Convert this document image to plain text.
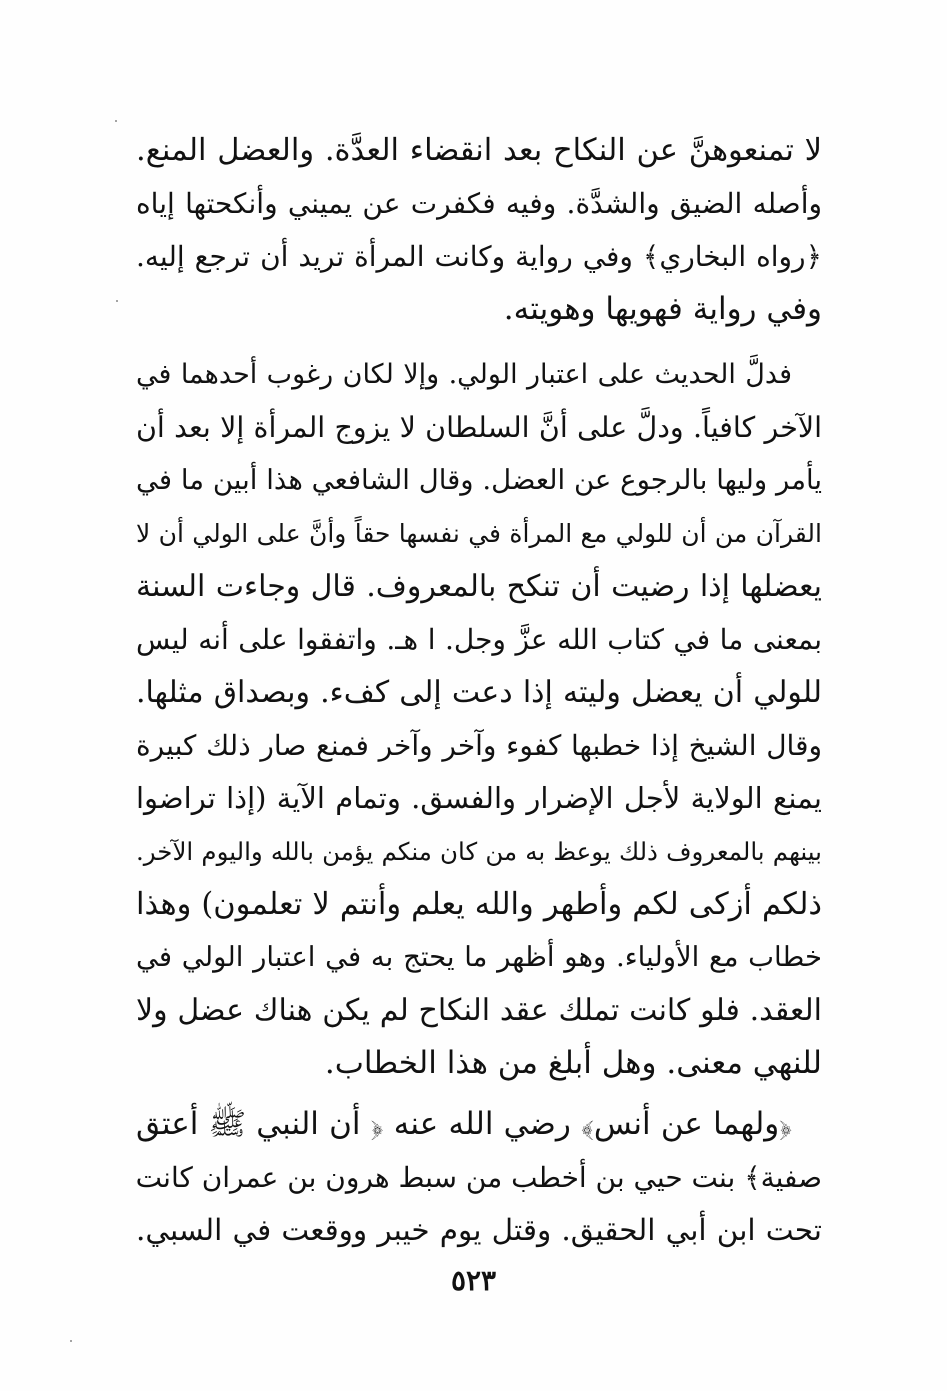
لا تمنعوهنَّ عن النكاح بعد انقضاء العدَّة. والعضل المنع.
وأصله الضيق والشدَّة. وفيه فكفرت عن يميني وأنكحتها إياه
﴿رواه البخاري﴾ وفي رواية وكانت المرأة تريد أن ترجع إليه.
وفي رواية فهويها وهويته.
فدلَّ الحديث على اعتبار الولي. وإلا لكان رغوب أحدهما في
الآخر كافياً. ودلَّ على أنَّ السلطان لا يزوج المرأة إلا بعد أن
يأمر وليها بالرجوع عن العضل. وقال الشافعي هذا أبين ما في
القرآن من أن للولي مع المرأة في نفسها حقاً وأنَّ على الولي أن لا
يعضلها إذا رضيت أن تنكح بالمعروف. قال وجاءت السنة
بمعنى ما في كتاب الله عزَّ وجل. ا هـ. واتفقوا على أنه ليس
للولي أن يعضل وليته إذا دعت إلى كفء. وبصداق مثلها.
وقال الشيخ إذا خطبها كفوء وآخر وآخر فمنع صار ذلك كبيرة
يمنع الولاية لأجل الإضرار والفسق. وتمام الآية (إذا تراضوا
بينهم بالمعروف ذلك يوعظ به من كان منكم يؤمن بالله واليوم الآخر.
ذلكم أزكى لكم وأطهر والله يعلم وأنتم لا تعلمون) وهذا
خطاب مع الأولياء. وهو أظهر ما يحتج به في اعتبار الولي في
العقد. فلو كانت تملك عقد النكاح لم يكن هناك عضل ولا
للنهي معنى. وهل أبلغ من هذا الخطاب.
﴿ولهما عن أنس﴾ رضي الله عنه ﴿ أن النبي ﷺ أعتق
صفية﴾ بنت حيي بن أخطب من سبط هرون بن عمران كانت
تحت ابن أبي الحقيق. وقتل يوم خيبر ووقعت في السبي.
٥٢٣
